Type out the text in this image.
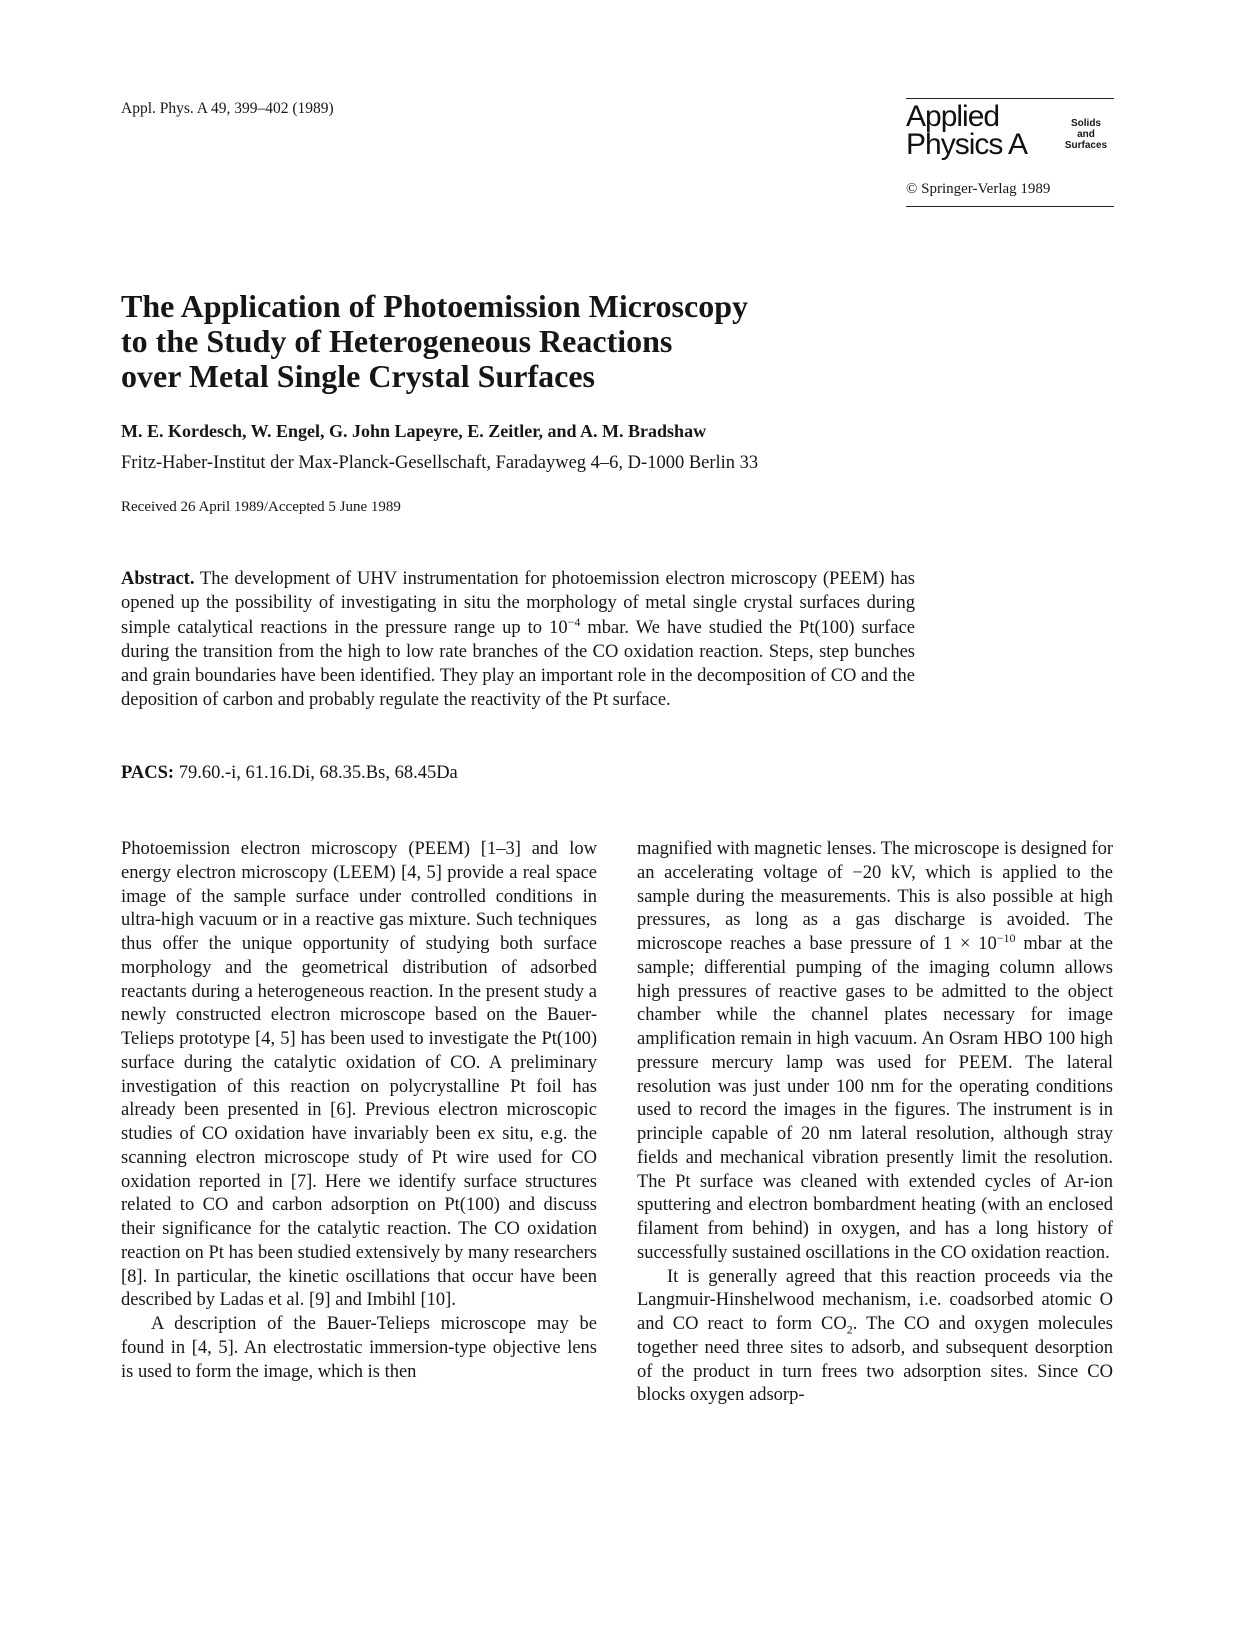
Appl. Phys. A 49, 399–402 (1989)	Applied
Physics A
Solids
and
Surfaces
© Springer-Verlag 1989
The Application of Photoemission Microscopy
to the Study of Heterogeneous Reactions
over Metal Single Crystal Surfaces
M. E. Kordesch, W. Engel, G. John Lapeyre, E. Zeitler, and A. M. Bradshaw
Fritz-Haber-Institut der Max-Planck-Gesellschaft, Faradayweg 4–6, D-1000 Berlin 33
Received 26 April 1989/Accepted 5 June 1989
Abstract. The development of UHV instrumentation for photoemission electron microscopy (PEEM) has opened up the possibility of investigating in situ the morphology of metal single crystal surfaces during simple catalytical reactions in the pressure range up to $10^{-4}$ mbar. We have studied the Pt(100) surface during the transition from the high to low rate branches of the CO oxidation reaction. Steps, step bunches and grain boundaries have been identified. They play an important role in the decomposition of CO and the deposition of carbon and probably regulate the reactivity of the Pt surface.
PACS: 79.60.-i, 61.16.Di, 68.35.Bs, 68.45Da

Photoemission electron microscopy (PEEM) [1–3] and low energy electron microscopy (LEEM) [4, 5] provide a real space image of the sample surface under controlled conditions in ultra-high vacuum or in a reactive gas mixture. Such techniques thus offer the unique opportunity of studying both surface morphology and the geometrical distribution of adsorbed reactants during a heterogeneous reaction. In the present study a newly constructed electron microscope based on the Bauer-Telieps prototype [4, 5] has been used to investigate the Pt(100) surface during the catalytic oxidation of CO. A preliminary investigation of this reaction on polycrystalline Pt foil has already been presented in [6]. Previous electron microscopic studies of CO oxidation have invariably been ex situ, e.g. the scanning electron microscope study of Pt wire used for CO oxidation reported in [7]. Here we identify surface structures related to CO and carbon adsorption on Pt(100) and discuss their significance for the catalytic reaction. The CO oxidation reaction on Pt has been studied extensively by many researchers [8]. In particular, the kinetic oscillations that occur have been described by Ladas et al. [9] and Imbihl [10].

A description of the Bauer-Telieps microscope may be found in [4, 5]. An electrostatic immersion-type objective lens is used to form the image, which is then

magnified with magnetic lenses. The microscope is designed for an accelerating voltage of −20 kV, which is applied to the sample during the measurements. This is also possible at high pressures, as long as a gas discharge is avoided. The microscope reaches a base pressure of $1 \times 10^{-10}$ mbar at the sample; differential pumping of the imaging column allows high pressures of reactive gases to be admitted to the object chamber while the channel plates necessary for image amplification remain in high vacuum. An Osram HBO 100 high pressure mercury lamp was used for PEEM. The lateral resolution was just under 100 nm for the operating conditions used to record the images in the figures. The instrument is in principle capable of 20 nm lateral resolution, although stray fields and mechanical vibration presently limit the resolution. The Pt surface was cleaned with extended cycles of Ar-ion sputtering and electron bombardment heating (with an enclosed filament from behind) in oxygen, and has a long history of successfully sustained oscillations in the CO oxidation reaction.

It is generally agreed that this reaction proceeds via the Langmuir-Hinshelwood mechanism, i.e. coadsorbed atomic O and CO react to form $CO_2$. The CO and oxygen molecules together need three sites to adsorb, and subsequent desorption of the product in turn frees two adsorption sites. Since CO blocks oxygen adsorp-
